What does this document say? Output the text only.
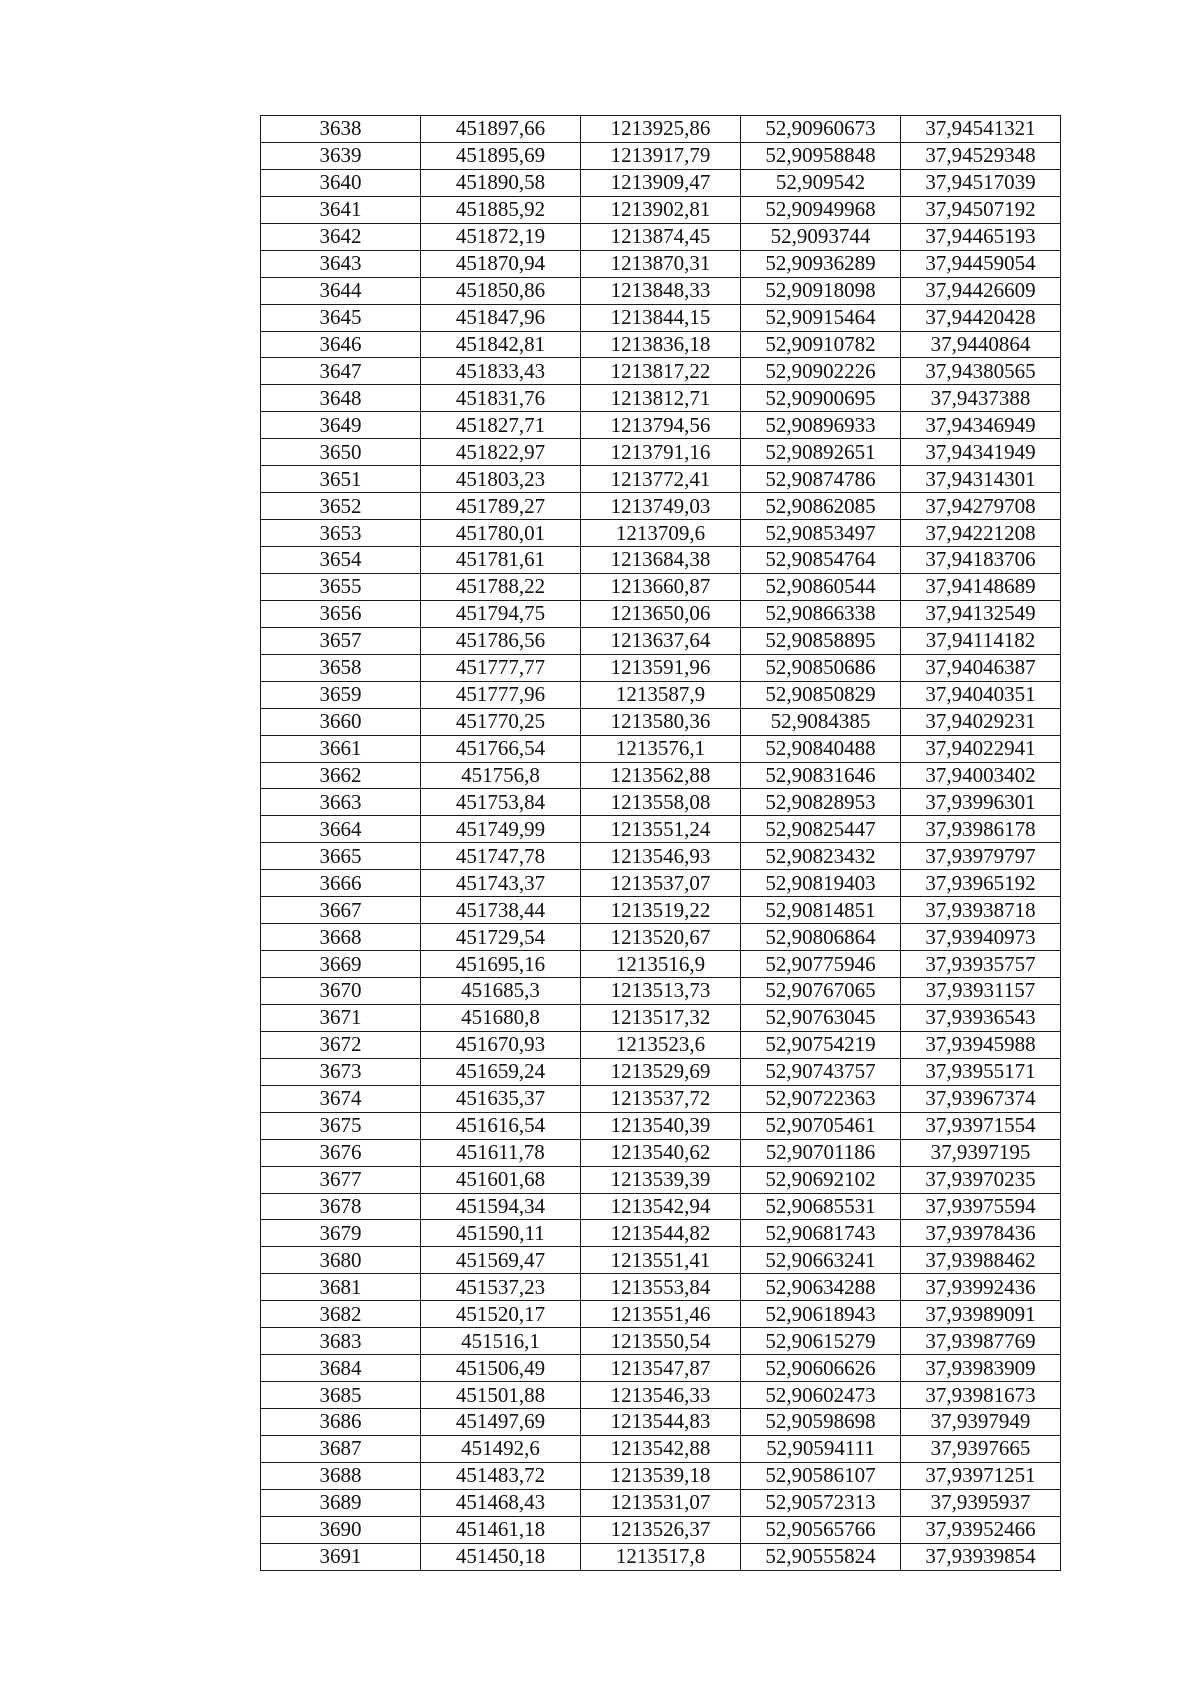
3638	451897,66	1213925,86	52,90960673	37,94541321
3639	451895,69	1213917,79	52,90958848	37,94529348
3640	451890,58	1213909,47	52,909542	37,94517039
3641	451885,92	1213902,81	52,90949968	37,94507192
3642	451872,19	1213874,45	52,9093744	37,94465193
3643	451870,94	1213870,31	52,90936289	37,94459054
3644	451850,86	1213848,33	52,90918098	37,94426609
3645	451847,96	1213844,15	52,90915464	37,94420428
3646	451842,81	1213836,18	52,90910782	37,9440864
3647	451833,43	1213817,22	52,90902226	37,94380565
3648	451831,76	1213812,71	52,90900695	37,9437388
3649	451827,71	1213794,56	52,90896933	37,94346949
3650	451822,97	1213791,16	52,90892651	37,94341949
3651	451803,23	1213772,41	52,90874786	37,94314301
3652	451789,27	1213749,03	52,90862085	37,94279708
3653	451780,01	1213709,6	52,90853497	37,94221208
3654	451781,61	1213684,38	52,90854764	37,94183706
3655	451788,22	1213660,87	52,90860544	37,94148689
3656	451794,75	1213650,06	52,90866338	37,94132549
3657	451786,56	1213637,64	52,90858895	37,94114182
3658	451777,77	1213591,96	52,90850686	37,94046387
3659	451777,96	1213587,9	52,90850829	37,94040351
3660	451770,25	1213580,36	52,9084385	37,94029231
3661	451766,54	1213576,1	52,90840488	37,94022941
3662	451756,8	1213562,88	52,90831646	37,94003402
3663	451753,84	1213558,08	52,90828953	37,93996301
3664	451749,99	1213551,24	52,90825447	37,93986178
3665	451747,78	1213546,93	52,90823432	37,93979797
3666	451743,37	1213537,07	52,90819403	37,93965192
3667	451738,44	1213519,22	52,90814851	37,93938718
3668	451729,54	1213520,67	52,90806864	37,93940973
3669	451695,16	1213516,9	52,90775946	37,93935757
3670	451685,3	1213513,73	52,90767065	37,93931157
3671	451680,8	1213517,32	52,90763045	37,93936543
3672	451670,93	1213523,6	52,90754219	37,93945988
3673	451659,24	1213529,69	52,90743757	37,93955171
3674	451635,37	1213537,72	52,90722363	37,93967374
3675	451616,54	1213540,39	52,90705461	37,93971554
3676	451611,78	1213540,62	52,90701186	37,9397195
3677	451601,68	1213539,39	52,90692102	37,93970235
3678	451594,34	1213542,94	52,90685531	37,93975594
3679	451590,11	1213544,82	52,90681743	37,93978436
3680	451569,47	1213551,41	52,90663241	37,93988462
3681	451537,23	1213553,84	52,90634288	37,93992436
3682	451520,17	1213551,46	52,90618943	37,93989091
3683	451516,1	1213550,54	52,90615279	37,93987769
3684	451506,49	1213547,87	52,90606626	37,93983909
3685	451501,88	1213546,33	52,90602473	37,93981673
3686	451497,69	1213544,83	52,90598698	37,9397949
3687	451492,6	1213542,88	52,90594111	37,9397665
3688	451483,72	1213539,18	52,90586107	37,93971251
3689	451468,43	1213531,07	52,90572313	37,9395937
3690	451461,18	1213526,37	52,90565766	37,93952466
3691	451450,18	1213517,8	52,90555824	37,93939854
